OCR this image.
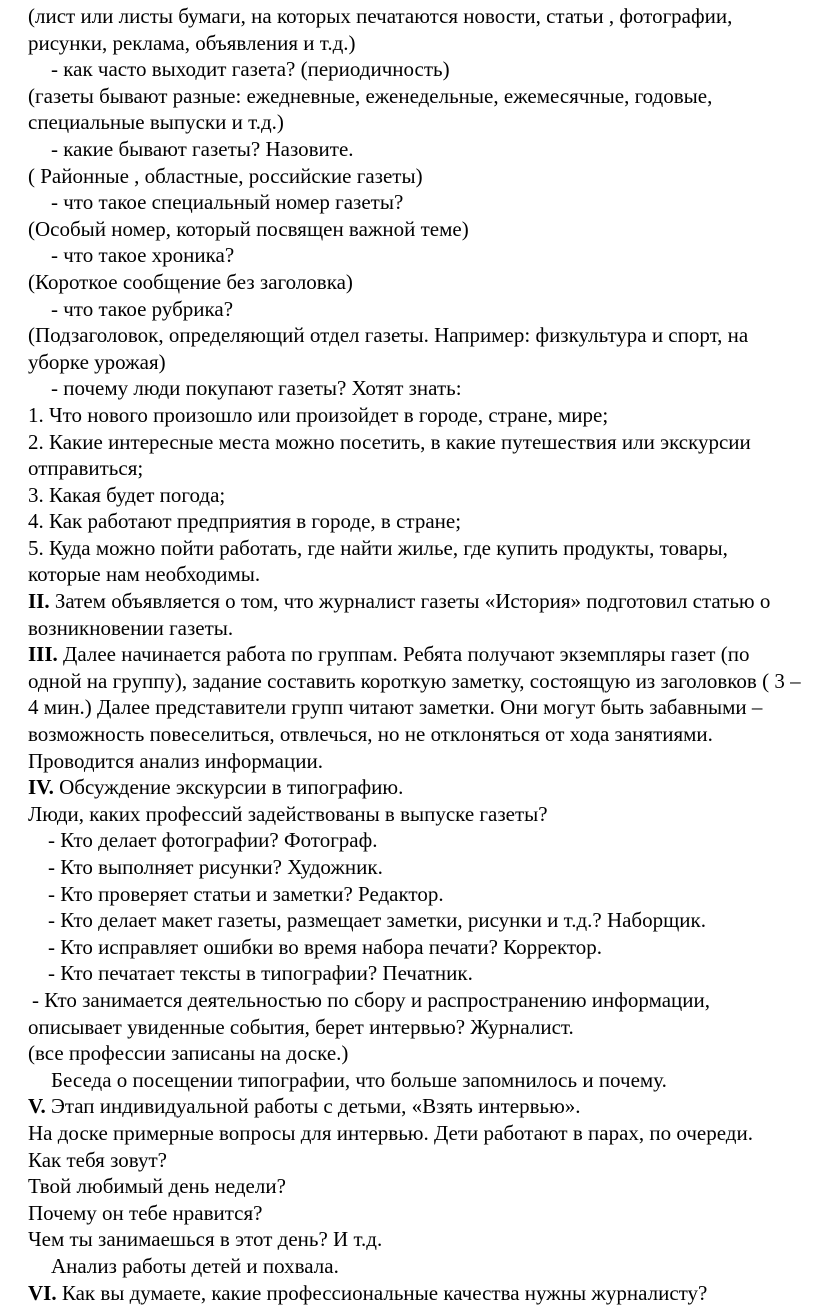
(лист или листы бумаги, на которых печатаются новости, статьи , фотографии,
рисунки, реклама, объявления и т.д.)
- как часто выходит газета? (периодичность)
(газеты бывают разные: ежедневные, еженедельные, ежемесячные, годовые,
специальные выпуски и т.д.)
- какие бывают газеты? Назовите.
( Районные , областные, российские газеты)
- что такое специальный номер газеты?
(Особый номер, который посвящен важной теме)
- что такое хроника?
(Короткое сообщение без заголовка)
- что такое рубрика?
(Подзаголовок, определяющий отдел газеты. Например: физкультура и спорт, на
уборке урожая)
- почему люди покупают газеты? Хотят знать:
1. Что нового произошло или произойдет в городе, стране, мире;
2. Какие интересные места можно посетить, в какие путешествия или экскурсии
отправиться;
3. Какая будет погода;
4. Как работают предприятия в городе, в стране;
5. Куда можно пойти работать, где найти жилье, где купить продукты, товары,
которые нам необходимы.
II. Затем объявляется о том, что журналист газеты «История» подготовил статью о
возникновении газеты.
III. Далее начинается работа по группам. Ребята получают экземпляры газет (по
одной на группу), задание составить короткую заметку, состоящую из заголовков ( 3 –
4 мин.) Далее представители групп читают заметки. Они могут быть забавными –
возможность повеселиться, отвлечься, но не отклоняться от хода занятиями.
Проводится анализ информации.
IV. Обсуждение экскурсии в типографию.
Люди, каких профессий задействованы в выпуске газеты?
- Кто делает фотографии? Фотограф.
- Кто выполняет рисунки? Художник.
- Кто проверяет статьи и заметки? Редактор.
- Кто делает макет газеты, размещает заметки, рисунки и т.д.? Наборщик.
- Кто исправляет ошибки во время набора печати? Корректор.
- Кто печатает тексты в типографии? Печатник.
- Кто занимается деятельностью по сбору и распространению информации,
описывает увиденные события, берет интервью? Журналист.
(все профессии записаны на доске.)
Беседа о посещении типографии, что больше запомнилось и почему.
V. Этап индивидуальной работы с детьми, «Взять интервью».
На доске примерные вопросы для интервью. Дети работают в парах, по очереди.
Как тебя зовут?
Твой любимый день недели?
Почему он тебе нравится?
Чем ты занимаешься в этот день? И т.д.
Анализ работы детей и похвала.
VI. Как вы думаете, какие профессиональные качества нужны журналисту?
